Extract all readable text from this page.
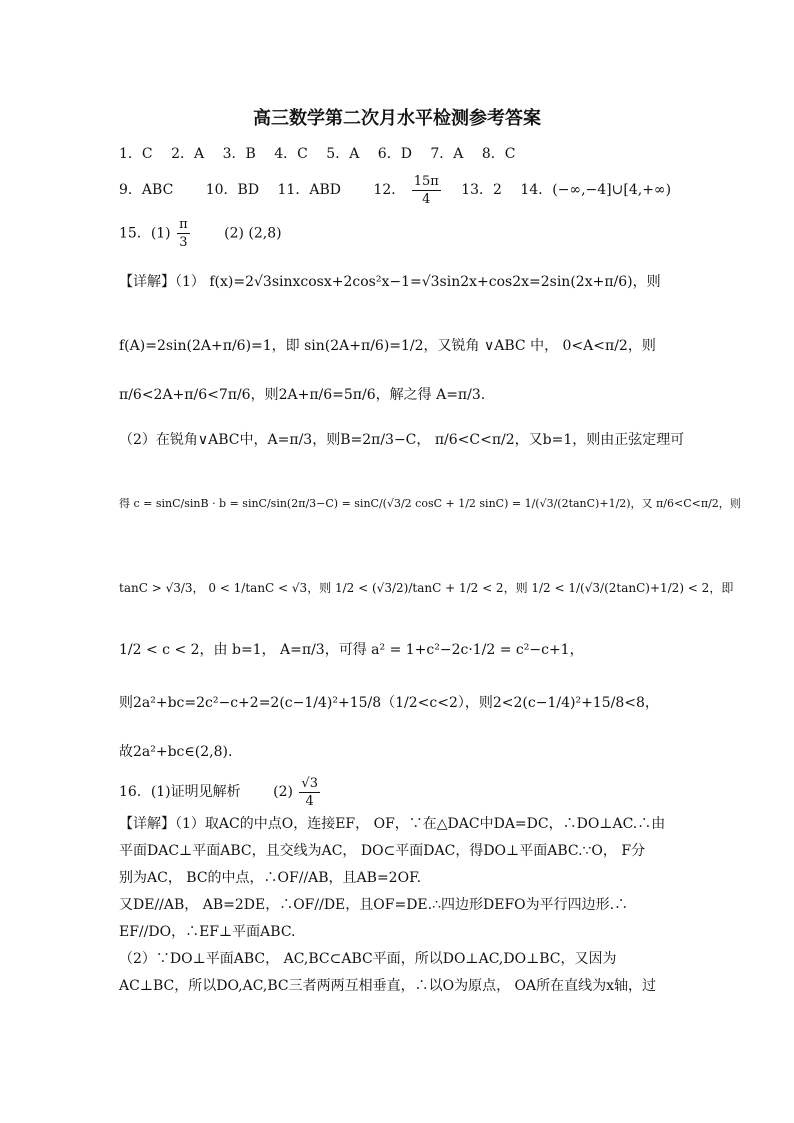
高三数学第二次月水平检测参考答案
1．C 2．A 3．B 4．C 5．A 6．D 7．A 8．C
9．ABC 10．BD 11．ABD 12． $\frac{15\pi}{4} 13$．2 14．(−∞,−4]∪[4,+∞)
15．$(1) \frac{\pi}{3} (2)$ (2,8)
【详解】（1） f(x)=2√3sinxcosx+2cos²x−1=√3sin2x+cos2x=2sin(2x+π/6)，则
f(A)=2sin(2A+π/6)=1，即 sin(2A+π/6)=1/2，又锐角 ∨ABC 中， 0<A<π/2，则
π/6<2A+π/6<7π/6，则2A+π/6=5π/6，解之得 A=π/3.
（2）在锐角∨ABC中，A=π/3，则B=2π/3−C， π/6<C<π/2，又b=1，则由正弦定理可
得 c = sinC/sinB · b = sinC/sin(2π/3−C) = sinC/(√3/2 cosC + 1/2 sinC) = 1/(√3/(2tanC)+1/2)，又 π/6<C<π/2，则
tanC > √3/3， 0 < 1/tanC < √3，则 1/2 < (√3/2)/tanC + 1/2 < 2，则 1/2 < 1/(√3/(2tanC)+1/2) < 2，即
1/2 < c < 2，由 b=1， A=π/3，可得 a² = 1+c²−2c·1/2 = c²−c+1，
则2a²+bc=2c²−c+2=2(c−1/4)²+15/8（1/2<c<2），则2<2(c−1/4)²+15/8<8，
故2a²+bc∈(2,8).
16．(1)证明见解析 $(2) \frac{√3}{4}$
【详解】（1）取AC的中点O，连接EF， OF，∵在△DAC中DA=DC，∴DO⊥AC.∴由
平面DAC⊥平面ABC，且交线为AC， DO⊂平面DAC，得DO⊥平面ABC.∵O， F分
别为AC， BC的中点，∴OF//AB，且AB=2OF.
又DE//AB， AB=2DE，∴OF//DE，且OF=DE.∴四边形DEFO为平行四边形.∴
EF//DO，∴EF⊥平面ABC.
（2）∵DO⊥平面ABC， AC,BC⊂ABC平面，所以DO⊥AC,DO⊥BC，又因为
AC⊥BC，所以DO,AC,BC三者两两互相垂直，∴以O为原点， OA所在直线为x轴，过
